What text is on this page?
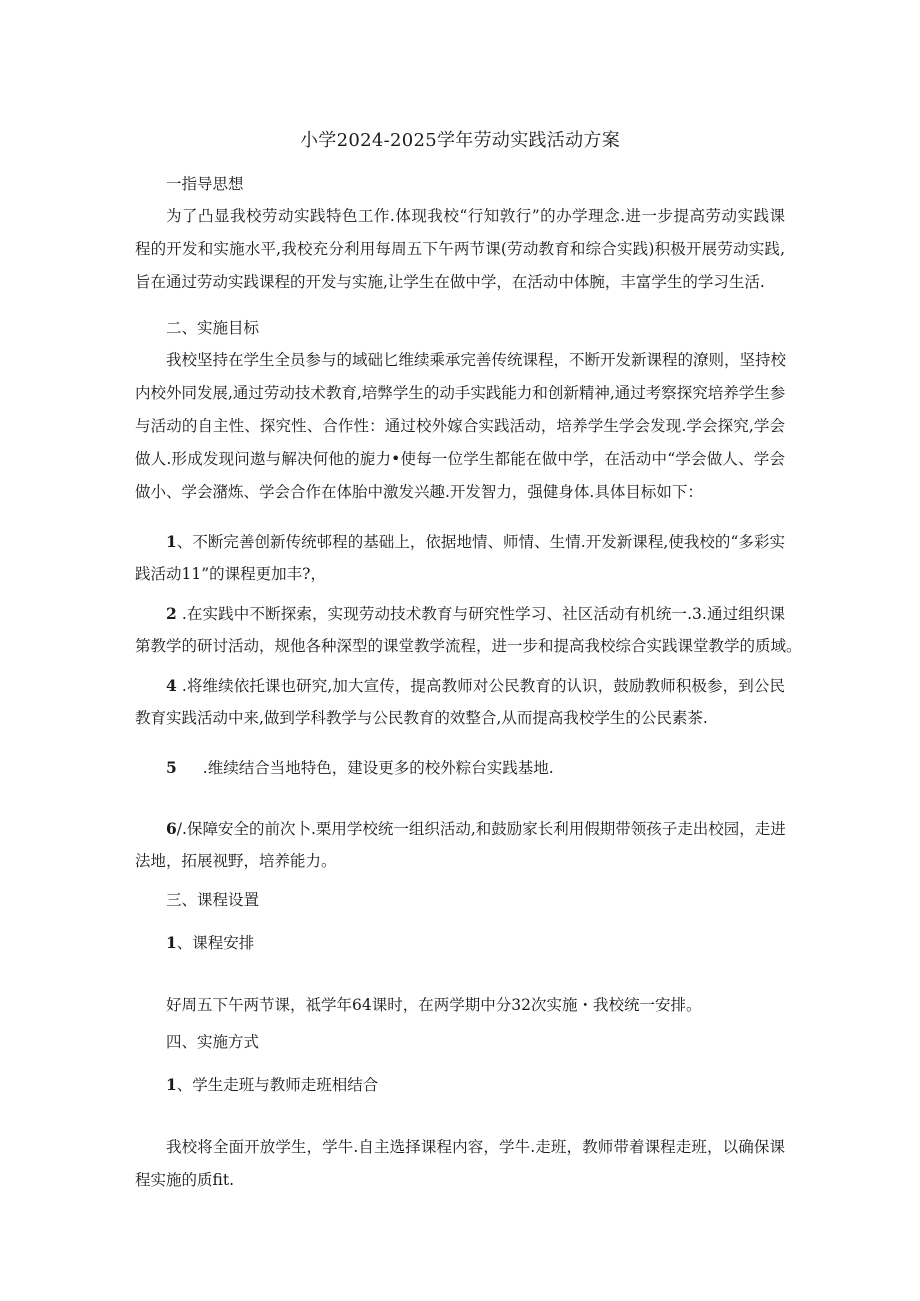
小学2024-2025学年劳动实践活动方案
一指导思想
为了凸显我校劳动实践特色工作.体现我校“行知敦行”的办学理念.进一步提高劳动实践课
程的开发和实施水平,我校充分利用每周五下午两节课(劳动教育和综合实践)积极开展劳动实践,
旨在通过劳动实践课程的开发与实施,让学生在做中学，在活动中体腕，丰富学生的学习生活.
二、实施目标
我校坚持在学生全员参与的域础匕维续乘承完善传统课程，不断开发新课程的潦则，坚持校
内校外同发展,通过劳动技术教育,培弊学生的动手实践能力和创新精神,通过考察探究培养学生参
与活动的自主性、探究性、合作性：通过校外嫁合实践活动，培养学生学会发现.学会探究,学会
做人.形成发现问遨与解决何他的旎力•使每一位学生都能在做中学，在活动中“学会做人、学会
做小、学会潴炼、学会合作在体胎中激发兴趣.开发智力，强健身体.具体目标如下：
1、不断完善创新传统邨程的基础上，依据地情、师情、生情.开发新课程,使我校的“多彩实
践活动11”的课程更加丰?，
2 .在实践中不断探索，实现劳动技术教育与研究性学习、社区活动有机统一.3.通过组织课
第教学的研讨活动，规他各种深型的课堂教学流程，进一步和提高我校综合实践课堂教学的质域。
4 .将维续依托课也研究,加大宣传，提高教师对公民教育的认识，鼓励教师积极参，到公民
教育实践活动中来,做到学科教学与公民教育的效整合,从而提高我校学生的公民素茶.
5 .维续结合当地特色，建设更多的校外粽台实践基地.
6/.保障安全的前次卜.栗用学校统一组织活动,和鼓励家长利用假期带领孩子走出校园，走进
法地，拓展视野，培养能力。
三、课程设置
1、课程安排
好周五下午两节课，祗学年64课时，在两学期中分32次实施・我校统一安排。
四、实施方式
1、学生走班与教师走班相结合
我校将全面开放学生，学牛.自主选择课程内容，学牛.走班，教师带着课程走班，以确保课
程实施的质fit.
